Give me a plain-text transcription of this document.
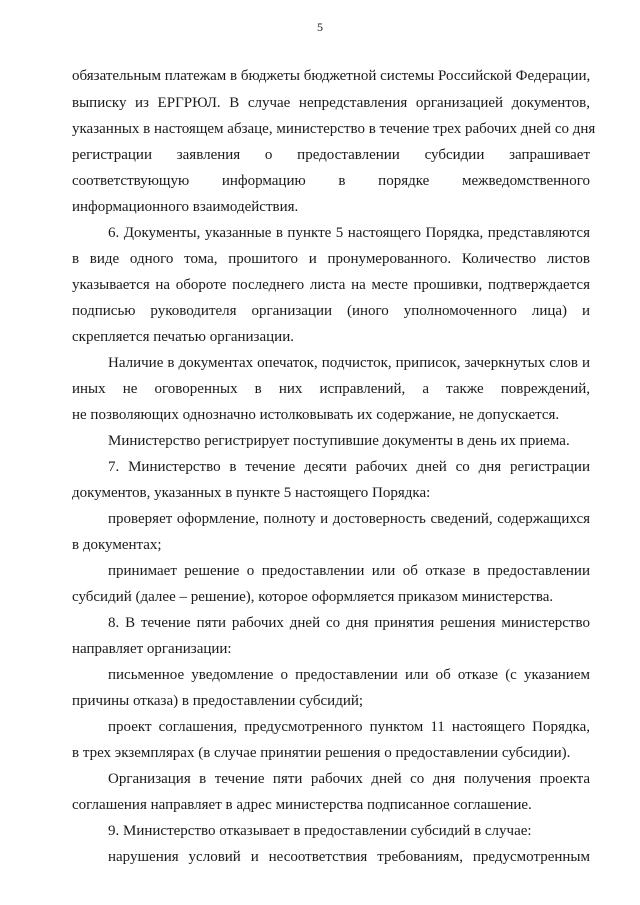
5
обязательным платежам в бюджеты бюджетной системы Российской Федерации,
выписку из ЕРГРЮЛ. В случае непредставления организацией документов,
указанных в настоящем абзаце, министерство в течение трех рабочих дней со дня
регистрации заявления о предоставлении субсидии запрашивает
соответствующую информацию в порядке межведомственного
информационного взаимодействия.
6. Документы, указанные в пункте 5 настоящего Порядка, представляются
в виде одного тома, прошитого и пронумерованного. Количество листов
указывается на обороте последнего листа на месте прошивки, подтверждается
подписью руководителя организации (иного уполномоченного лица) и
скрепляется печатью организации.
Наличие в документах опечаток, подчисток, приписок, зачеркнутых слов и
иных не оговоренных в них исправлений, а также повреждений,
не позволяющих однозначно истолковывать их содержание, не допускается.
Министерство регистрирует поступившие документы в день их приема.
7. Министерство в течение десяти рабочих дней со дня регистрации
документов, указанных в пункте 5 настоящего Порядка:
проверяет оформление, полноту и достоверность сведений, содержащихся
в документах;
принимает решение о предоставлении или об отказе в предоставлении
субсидий (далее – решение), которое оформляется приказом министерства.
8. В течение пяти рабочих дней со дня принятия решения министерство
направляет организации:
письменное уведомление о предоставлении или об отказе (с указанием
причины отказа) в предоставлении субсидий;
проект соглашения, предусмотренного пунктом 11 настоящего Порядка,
в трех экземплярах (в случае принятии решения о предоставлении субсидии).
Организация в течение пяти рабочих дней со дня получения проекта
соглашения направляет в адрес министерства подписанное соглашение.
9. Министерство отказывает в предоставлении субсидий в случае:
нарушения условий и несоответствия требованиям, предусмотренным
